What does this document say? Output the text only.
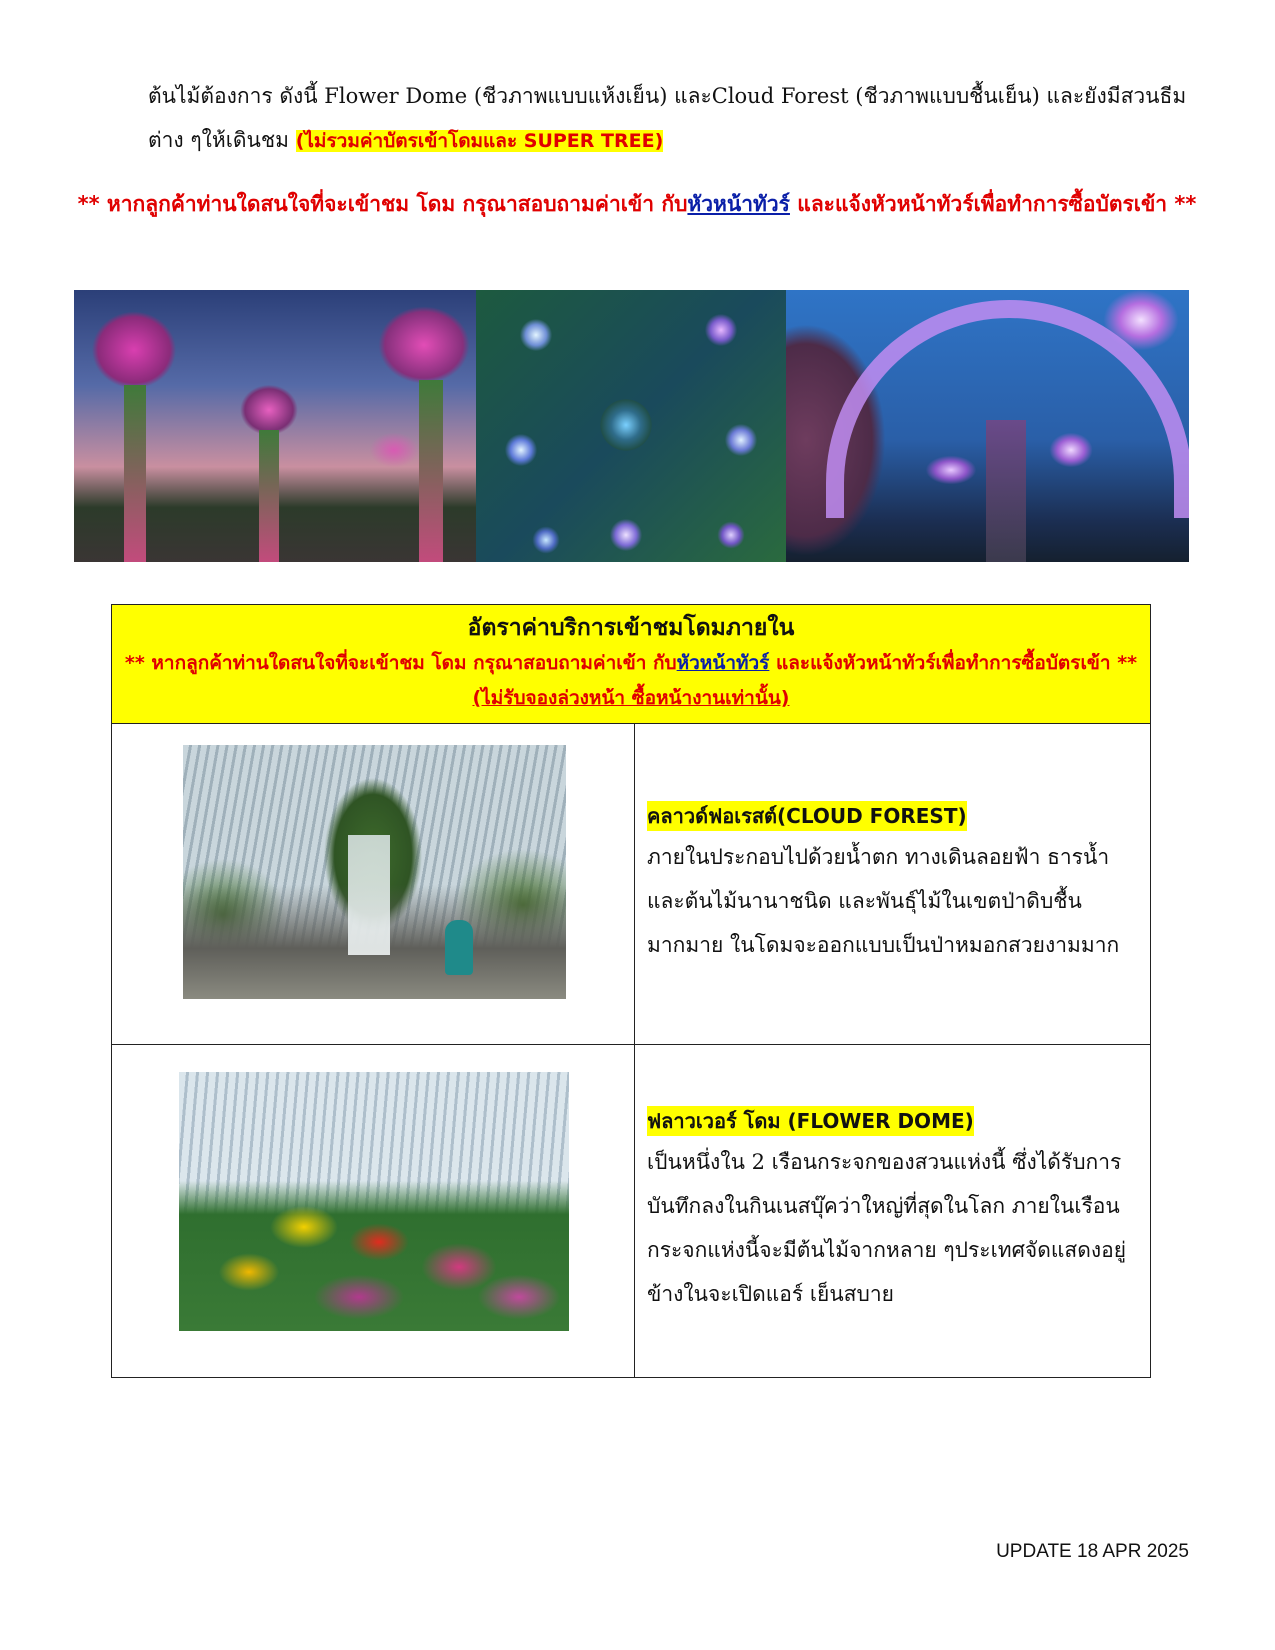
ต้นไม้ต้องการ ดังนี้ Flower Dome (ชีวภาพแบบแห้งเย็น) และCloud Forest (ชีวภาพแบบชื้นเย็น) และยังมีสวนธีมต่าง ๆให้เดินชม (ไม่รวมค่าบัตรเข้าโดมและ SUPER TREE)
** หากลูกค้าท่านใดสนใจที่จะเข้าชม โดม กรุณาสอบถามค่าเข้า กับหัวหน้าทัวร์ และแจ้งหัวหน้าทัวร์เพื่อทำการซื้อบัตรเข้า **
อัตราค่าบริการเข้าชมโดมภายใน
** หากลูกค้าท่านใดสนใจที่จะเข้าชม โดม กรุณาสอบถามค่าเข้า กับหัวหน้าทัวร์ และแจ้งหัวหน้าทัวร์เพื่อทำการซื้อบัตรเข้า **
(ไม่รับจองล่วงหน้า ซื้อหน้างานเท่านั้น)	

	คลาวด์ฟอเรสต์(CLOUD FOREST)
ภายในประกอบไปด้วยน้ำตก ทางเดินลอยฟ้า ธารน้ำ และต้นไม้นานาชนิด และพันธุ์ไม้ในเขตป่าดิบชื้นมากมาย ในโดมจะออกแบบเป็นป่าหมอกสวยงามมาก

	ฟลาวเวอร์ โดม (FLOWER DOME)
เป็นหนึ่งใน 2 เรือนกระจกของสวนแห่งนี้ ซึ่งได้รับการบันทึกลงในกินเนสบุ๊คว่าใหญ่ที่สุดในโลก ภายในเรือนกระจกแห่งนี้จะมีต้นไม้จากหลาย ๆประเทศจัดแสดงอยู่ข้างในจะเปิดแอร์ เย็นสบาย
UPDATE 18 APR 2025
